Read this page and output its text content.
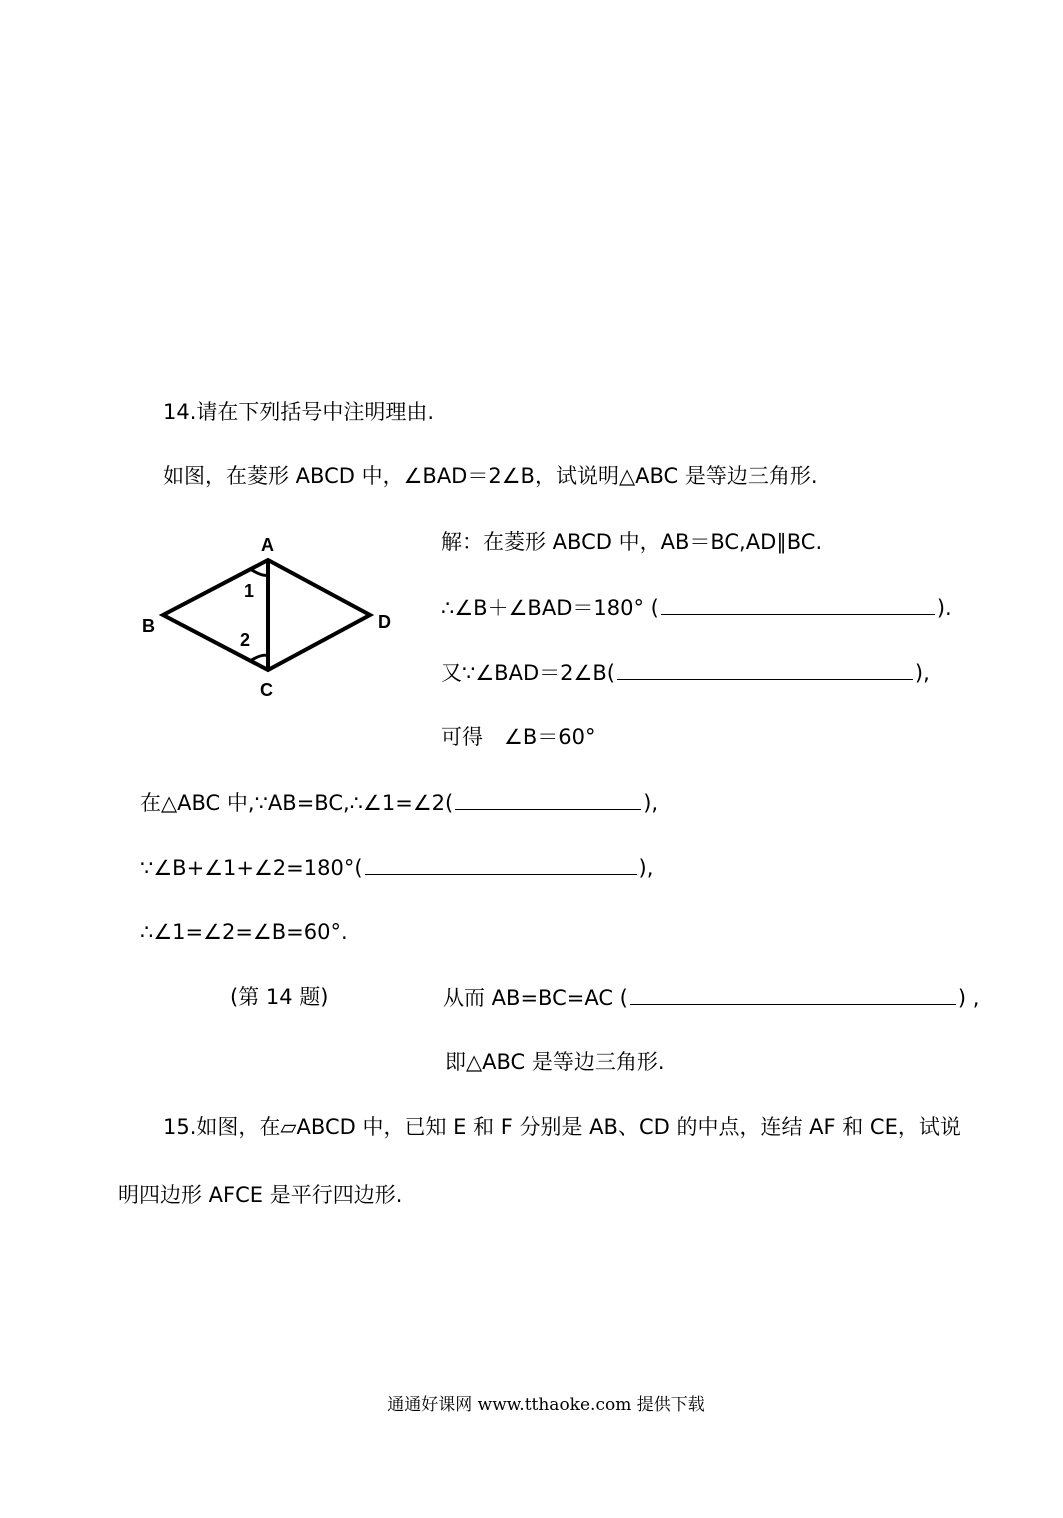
14.请在下列括号中注明理由.
如图，在菱形 ABCD 中，∠BAD＝2∠B，试说明△ABC 是等边三角形.
A
B
C
D
1
2
解：在菱形 ABCD 中，AB＝BC,AD∥BC.
∴∠B＋∠BAD＝180° (	).
又∵∠BAD＝2∠B(	),
可得　∠B＝60°
在△ABC 中,∵AB=BC,∴∠1=∠2(	),
∵∠B+∠1+∠2=180°(	),
∴∠1=∠2=∠B=60°.
(第 14 题)	从而 AB=BC=AC (	) ,
即△ABC 是等边三角形.
15.如图，在▱ABCD 中，已知 E 和 F 分别是 AB、CD 的中点，连结 AF 和 CE，试说
明四边形 AFCE 是平行四边形.
通通好课网 www.tthaoke.com 提供下载
